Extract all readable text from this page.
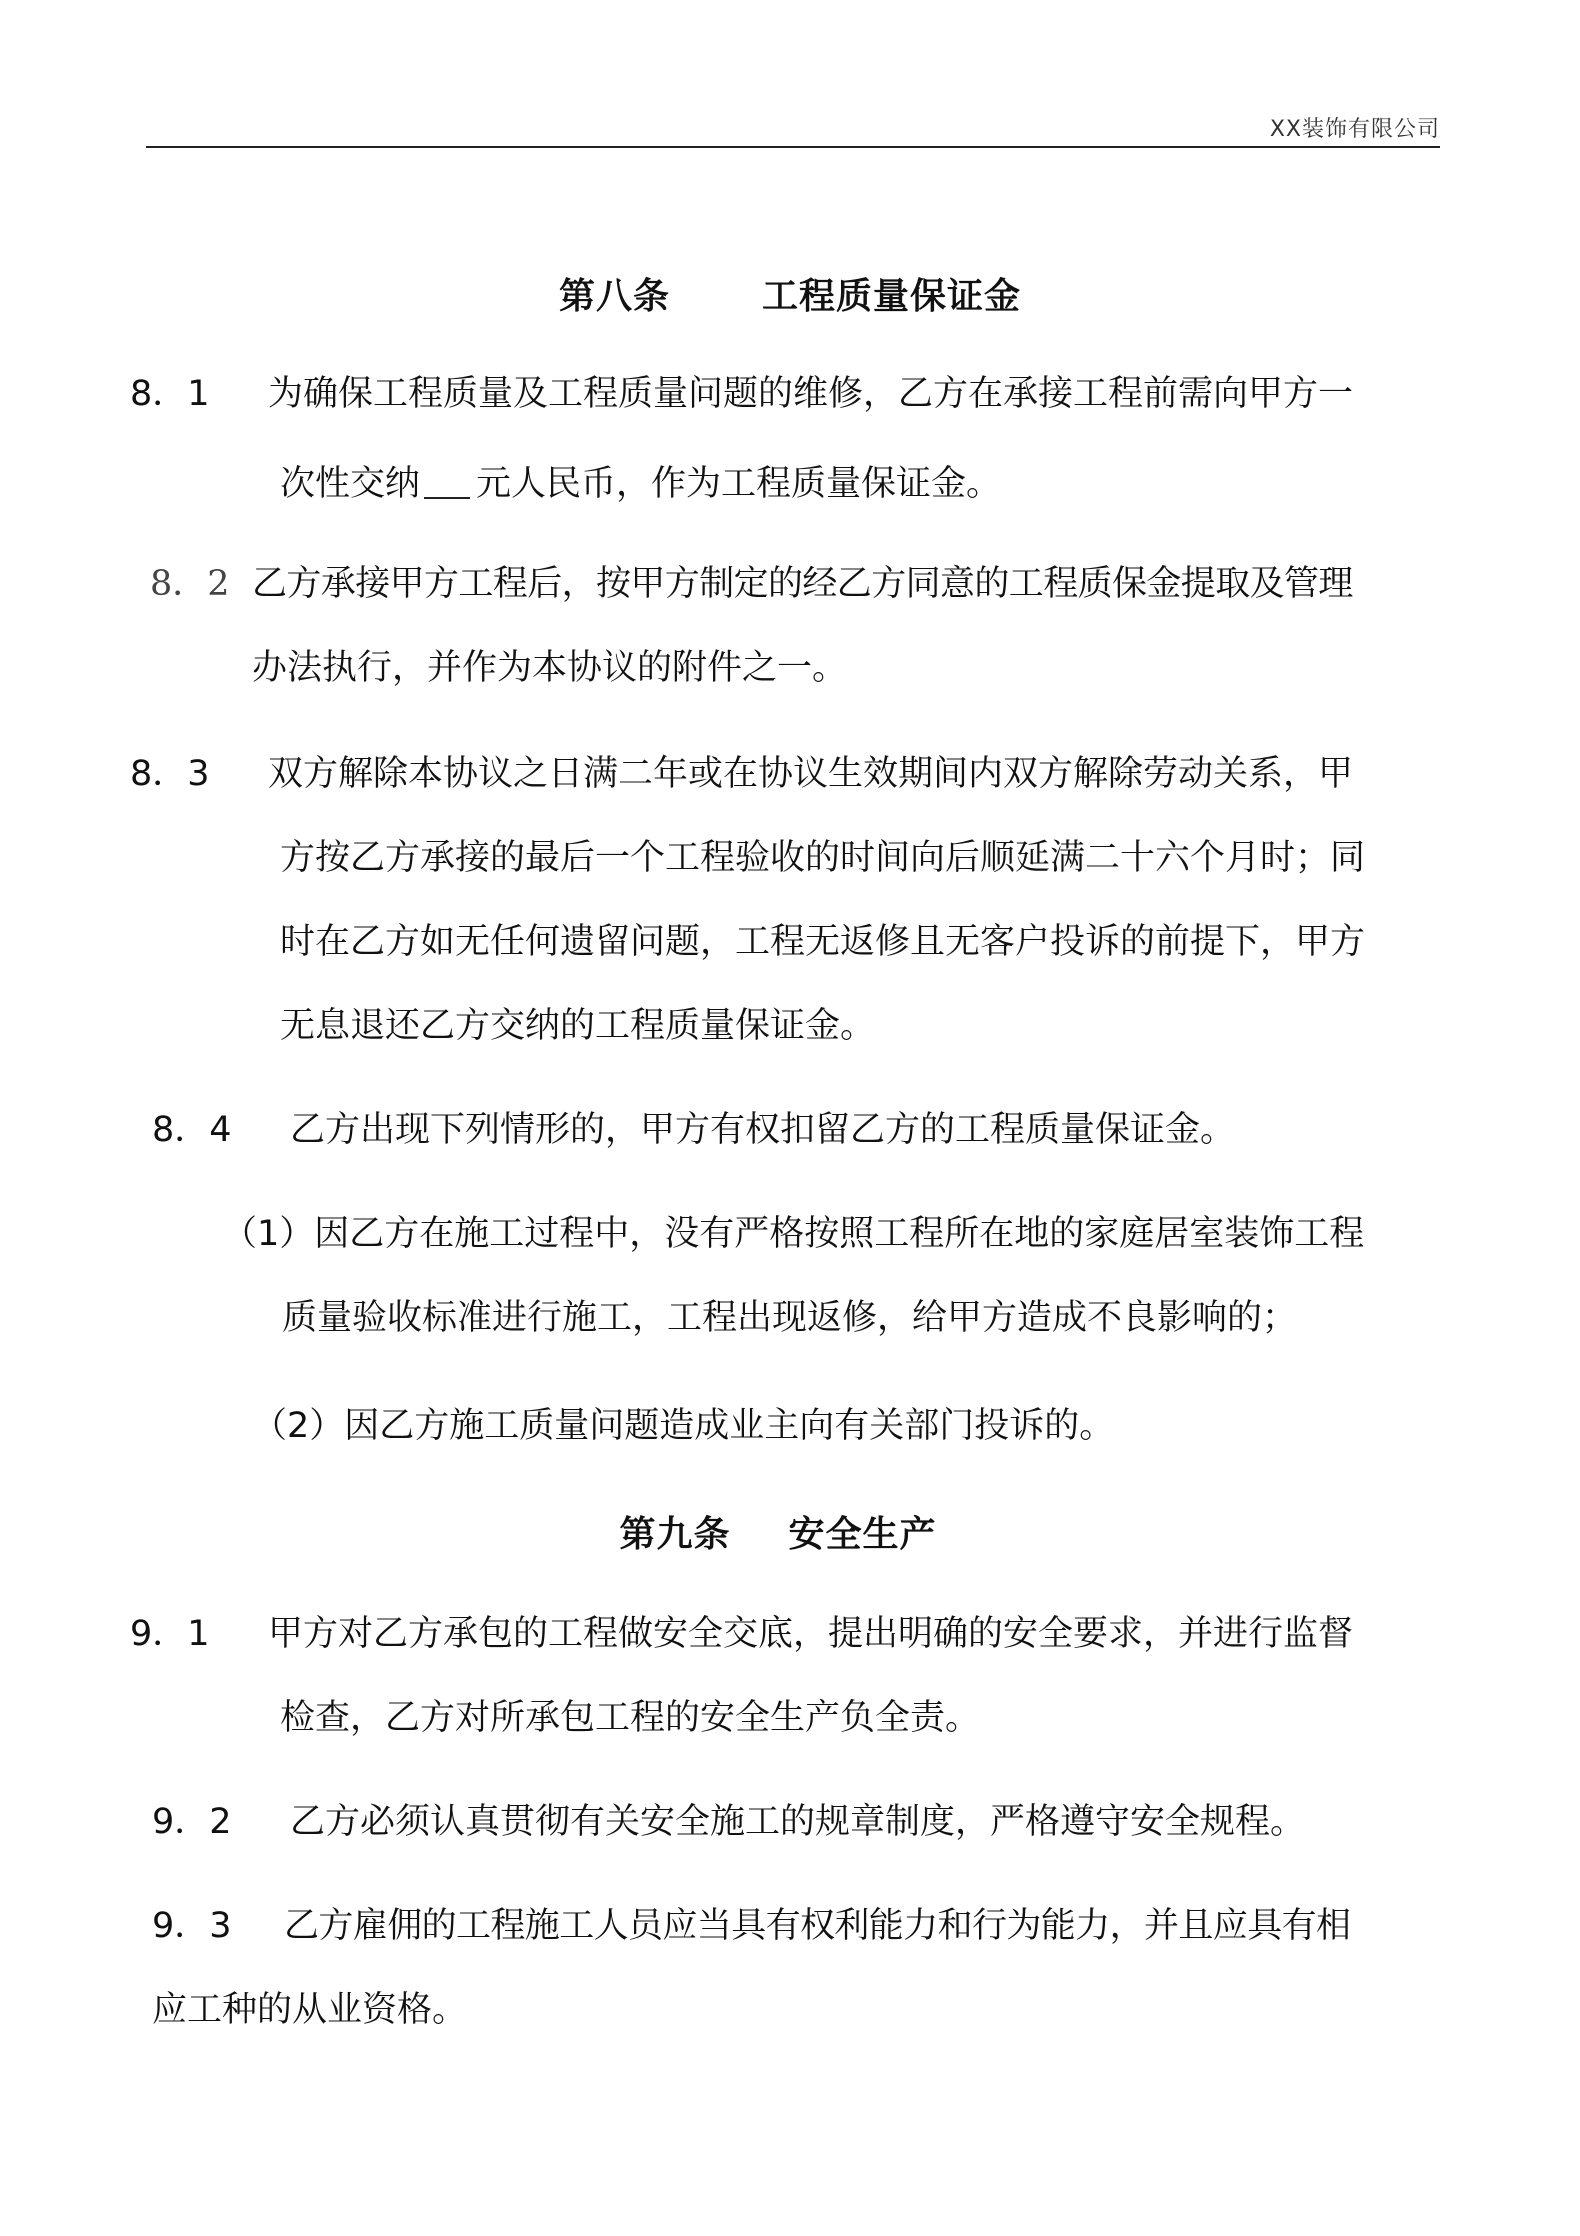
XX装饰有限公司
第八条	工程质量保证金
8．1 为确保工程质量及工程质量问题的维修，乙方在承接工程前需向甲方一
次性交纳 元人民币，作为工程质量保证金。
8．2 乙方承接甲方工程后，按甲方制定的经乙方同意的工程质保金提取及管理
办法执行，并作为本协议的附件之一。
8．3 双方解除本协议之日满二年或在协议生效期间内双方解除劳动关系，甲
方按乙方承接的最后一个工程验收的时间向后顺延满二十六个月时；同
时在乙方如无任何遗留问题，工程无返修且无客户投诉的前提下，甲方
无息退还乙方交纳的工程质量保证金。
8．4 乙方出现下列情形的，甲方有权扣留乙方的工程质量保证金。
（1）因乙方在施工过程中，没有严格按照工程所在地的家庭居室装饰工程
质量验收标准进行施工，工程出现返修，给甲方造成不良影响的；
（2）因乙方施工质量问题造成业主向有关部门投诉的。
第九条 安全生产
9．1 甲方对乙方承包的工程做安全交底，提出明确的安全要求，并进行监督
检查，乙方对所承包工程的安全生产负全责。
9．2 乙方必须认真贯彻有关安全施工的规章制度，严格遵守安全规程。
9．3 乙方雇佣的工程施工人员应当具有权利能力和行为能力，并且应具有相
应工种的从业资格。
